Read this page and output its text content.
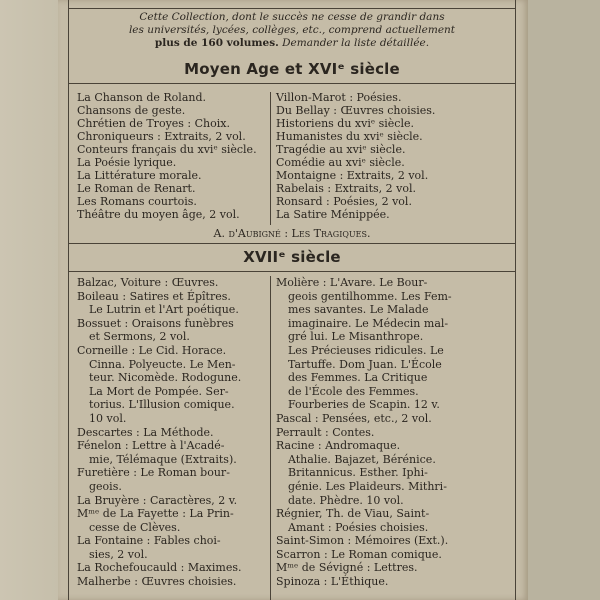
Cette Collection, dont le succès ne cesse de grandir dans
les universités, lycées, collèges, etc., comprend actuellement
plus de 160 volumes. Demander la liste détaillée.
Moyen Age et XVIᵉ siècle
La Chanson de Roland.
Chansons de geste.
Chrétien de Troyes : Choix.
Chroniqueurs : Extraits, 2 vol.
Conteurs français du xviᵉ siècle.
La Poésie lyrique.
La Littérature morale.
Le Roman de Renart.
Les Romans courtois.
Théâtre du moyen âge, 2 vol.
Villon-Marot : Poésies.
Du Bellay : Œuvres choisies.
Historiens du xviᵉ siècle.
Humanistes du xviᵉ siècle.
Tragédie au xviᵉ siècle.
Comédie au xviᵉ siècle.
Montaigne : Extraits, 2 vol.
Rabelais : Extraits, 2 vol.
Ronsard : Poésies, 2 vol.
La Satire Ménippée.
A. d'Aubigné : Les Tragiques.
XVIIᵉ siècle
Balzac, Voiture : Œuvres.
Boileau : Satires et Épîtres.
Le Lutrin et l'Art poétique.
Bossuet : Oraisons funèbres
et Sermons, 2 vol.
Corneille : Le Cid. Horace.
Cinna. Polyeucte. Le Men-
teur. Nicomède. Rodogune.
La Mort de Pompée. Ser-
torius. L'Illusion comique.
10 vol.
Descartes : La Méthode.
Fénelon : Lettre à l'Acadé-
mie, Télémaque (Extraits).
Furetière : Le Roman bour-
geois.
La Bruyère : Caractères, 2 v.
Mᵐᵉ de La Fayette : La Prin-
cesse de Clèves.
La Fontaine : Fables choi-
sies, 2 vol.
La Rochefoucauld : Maximes.
Malherbe : Œuvres choisies.
Molière : L'Avare. Le Bour-
geois gentilhomme. Les Fem-
mes savantes. Le Malade
imaginaire. Le Médecin mal-
gré lui. Le Misanthrope.
Les Précieuses ridicules. Le
Tartuffe. Dom Juan. L'École
des Femmes. La Critique
de l'École des Femmes.
Fourberies de Scapin. 12 v.
Pascal : Pensées, etc., 2 vol.
Perrault : Contes.
Racine : Andromaque.
Athalie. Bajazet, Bérénice.
Britannicus. Esther. Iphi-
génie. Les Plaideurs. Mithri-
date. Phèdre. 10 vol.
Régnier, Th. de Viau, Saint-
Amant : Poésies choisies.
Saint-Simon : Mémoires (Ext.).
Scarron : Le Roman comique.
Mᵐᵉ de Sévigné : Lettres.
Spinoza : L'Éthique.
